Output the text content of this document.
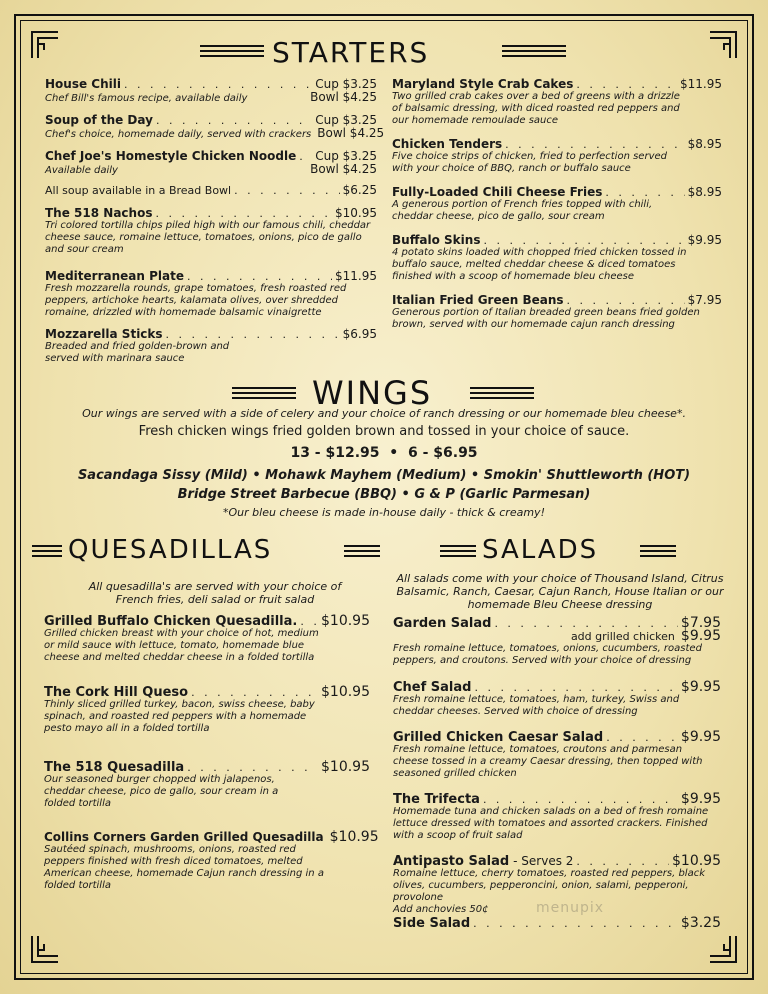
STARTERS
House Chili . . .	Cup $3.25
Chef Bill's famous recipe, available daily	Bowl $4.25
Soup of the Day . . .	Cup $3.25
Chef's choice, homemade daily, served with crackers Bowl $4.25
Chef Joe's Homestyle Chicken Noodle . . . Cup $3.25
Available daily	Bowl $4.25
All soup available in a Bread Bowl . . .	$6.25
The 518 Nachos . . .	$10.95
Tri colored tortilla chips piled high with our famous chili, cheddar cheese sauce, romaine lettuce, tomatoes, onions, pico de gallo and sour cream
Mediterranean Plate . . .	$11.95
Fresh mozzarella rounds, grape tomatoes, fresh roasted red peppers, artichoke hearts, kalamata olives, over shredded romaine, drizzled with homemade balsamic vinaigrette
Mozzarella Sticks . . .	$6.95
Breaded and fried golden-brown and served with marinara sauce
Maryland Style Crab Cakes . . .	$11.95
Two grilled crab cakes over a bed of greens with a drizzle of balsamic dressing, with diced roasted red peppers and our homemade remoulade sauce
Chicken Tenders . . .	$8.95
Five choice strips of chicken, fried to perfection served with your choice of BBQ, ranch or buffalo sauce
Fully-Loaded Chili Cheese Fries . . .	$8.95
A generous portion of French fries topped with chili, cheddar cheese, pico de gallo, sour cream
Buffalo Skins . . .	$9.95
4 potato skins loaded with chopped fried chicken tossed in buffalo sauce, melted cheddar cheese & diced tomatoes finished with a scoop of homemade bleu cheese
Italian Fried Green Beans . . .	$7.95
Generous portion of Italian breaded green beans fried golden brown, served with our homemade cajun ranch dressing
WINGS
Our wings are served with a side of celery and your choice of ranch dressing or our homemade bleu cheese*.
Fresh chicken wings fried golden brown and tossed in your choice of sauce.
13 - $12.95  •  6 - $6.95
Sacandaga Sissy (Mild) • Mohawk Mayhem (Medium) • Smokin' Shuttleworth (HOT)
Bridge Street Barbecue (BBQ) • G & P (Garlic Parmesan)
*Our bleu cheese is made in-house daily - thick & creamy!
QUESADILLAS
All quesadilla's are served with your choice of French fries, deli salad or fruit salad
Grilled Buffalo Chicken Quesadilla. . . . $10.95
Grilled chicken breast with your choice of hot, medium or mild sauce with lettuce, tomato, homemade blue cheese and melted cheddar cheese in a folded tortilla
The Cork Hill Queso . . .	$10.95
Thinly sliced grilled turkey, bacon, swiss cheese, baby spinach, and roasted red peppers with a homemade pesto mayo all in a folded tortilla
The 518 Quesadilla . . .	$10.95
Our seasoned burger chopped with jalapenos, cheddar cheese, pico de gallo, sour cream in a folded tortilla
Collins Corners Garden Grilled Quesadilla $10.95
Sautéed spinach, mushrooms, onions, roasted red peppers finished with fresh diced tomatoes, melted American cheese, homemade Cajun ranch dressing in a folded tortilla
SALADS
All salads come with your choice of Thousand Island, Citrus Balsamic, Ranch, Caesar, Cajun Ranch, House Italian or our homemade Bleu Cheese dressing
Garden Salad . . .	$7.95
add grilled chicken $9.95
Fresh romaine lettuce, tomatoes, onions, cucumbers, roasted peppers, and croutons. Served with your choice of dressing
Chef Salad . . .	$9.95
Fresh romaine lettuce, tomatoes, ham, turkey, Swiss and cheddar cheeses. Served with choice of dressing
Grilled Chicken Caesar Salad . . .	$9.95
Fresh romaine lettuce, tomatoes, croutons and parmesan cheese tossed in a creamy Caesar dressing, then topped with seasoned grilled chicken
The Trifecta . . .	$9.95
Homemade tuna and chicken salads on a bed of fresh romaine lettuce dressed with tomatoes and assorted crackers. Finished with a scoop of fruit salad
Antipasto Salad - Serves 2 . . .	$10.95
Romaine lettuce, cherry tomatoes, roasted red peppers, black olives, cucumbers, pepperoncini, onion, salami, pepperoni, provolone
Add anchovies 50¢
Side Salad . . .	$3.25
menupix
